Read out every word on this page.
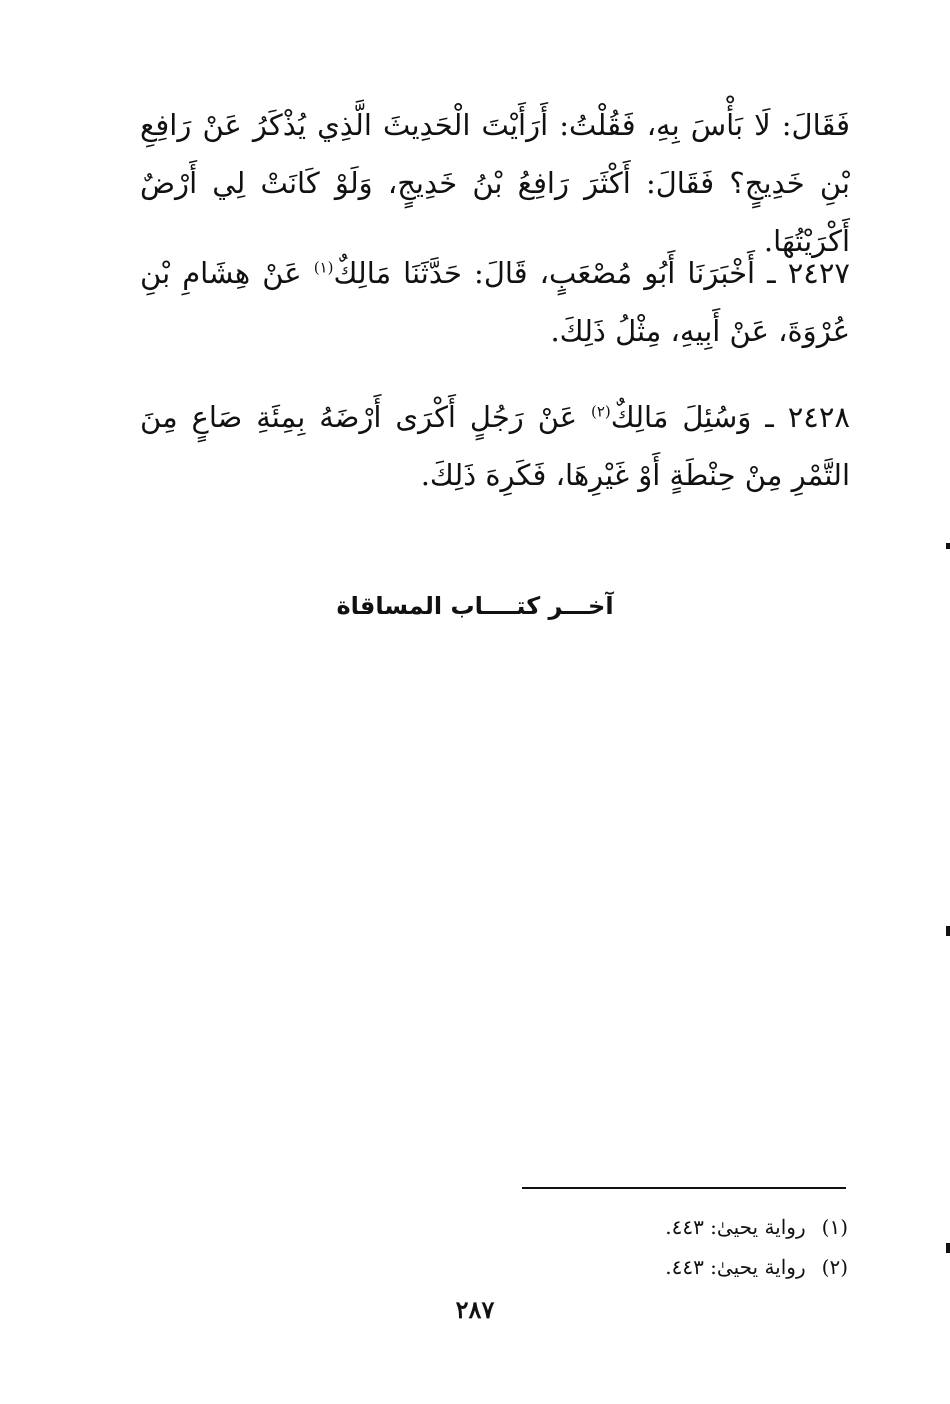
فَقَالَ: لَا بَأْسَ بِهِ، فَقُلْتُ: أَرَأَيْتَ الْحَدِيثَ الَّذِي يُذْكَرُ عَنْ رَافِعِ بْنِ خَدِيجٍ؟ فَقَالَ: أَكْثَرَ رَافِعُ بْنُ خَدِيجٍ، وَلَوْ كَانَتْ لِي أَرْضٌ أَكْرَيْتُهَا.

٢٤٢٧ ـ أَخْبَرَنَا أَبُو مُصْعَبٍ، قَالَ: حَدَّثَنَا مَالِكٌ$^{(١)}$ عَنْ هِشَامِ بْنِ عُرْوَةَ، عَنْ أَبِيهِ، مِثْلُ ذَلِكَ.

٢٤٢٨ ـ وَسُئِلَ مَالِكٌ$^{(٢)}$ عَنْ رَجُلٍ أَكْرَى أَرْضَهُ بِمِئَةِ صَاعٍ مِنَ التَّمْرِ مِنْ حِنْطَةٍ أَوْ غَيْرِهَا، فَكَرِهَ ذَلِكَ.

آخـــر كتــــاب المساقاة
(١)رواية يحيىٰ: ٤٤٣.
(٢)رواية يحيىٰ: ٤٤٣.
٢٨٧
